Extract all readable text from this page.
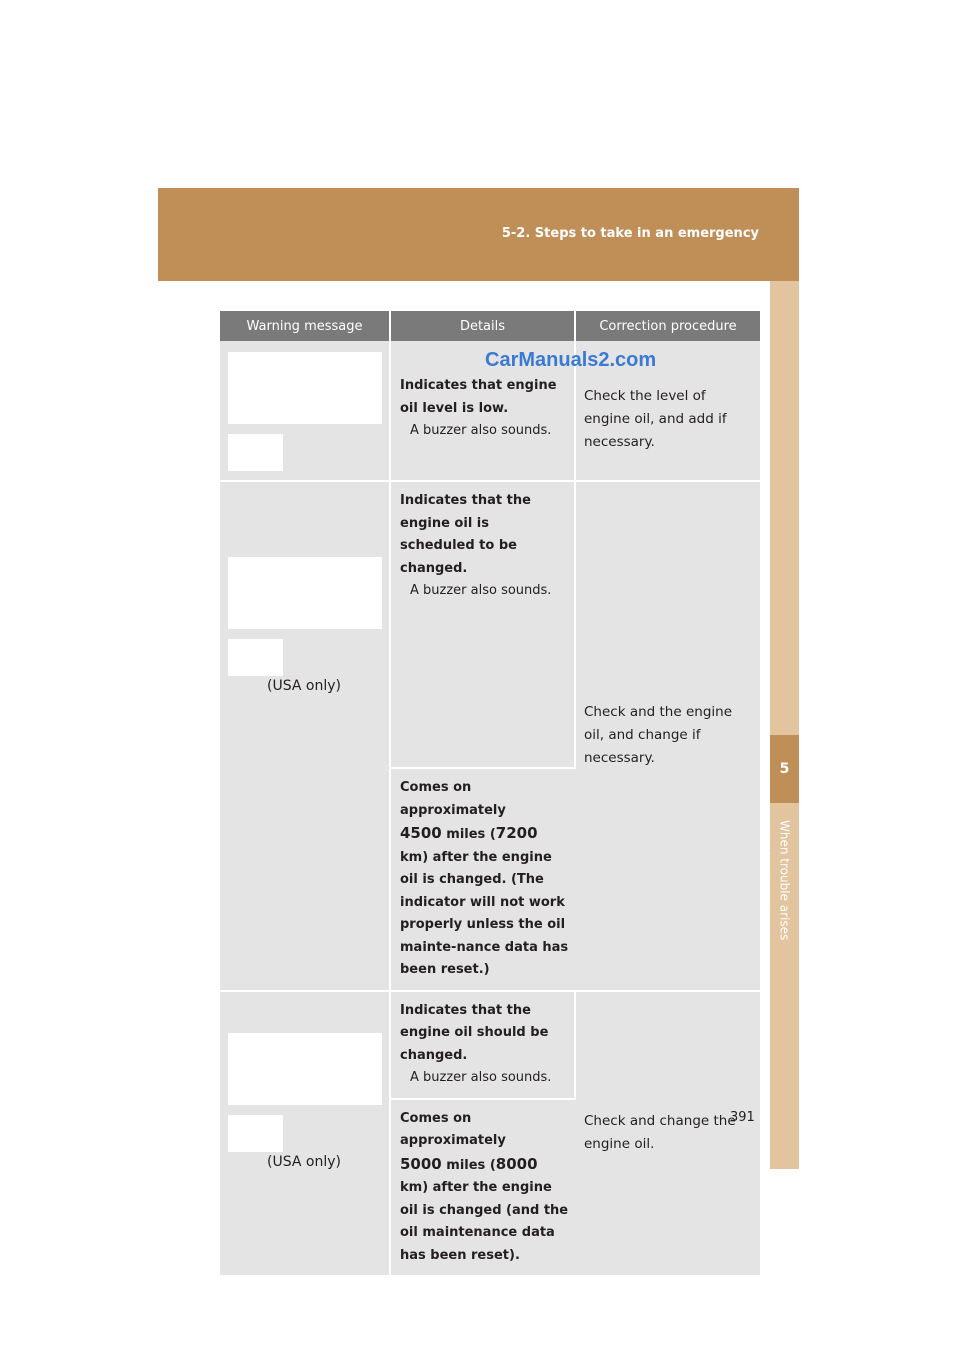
5-2. Steps to take in an emergency
5
When trouble arises
Warning message	Details	Correction procedure

	Indicates that engine oil level is low.
A buzzer also sounds.	Check the level of engine oil, and add if necessary.

(USA only)	Indicates that the engine oil is scheduled to be changed.
A buzzer also sounds.	Check and the engine oil, and change if necessary.

	Comes on approximately
4500 miles (7200 km) after the engine oil is changed. (The indicator will not work properly unless the oil mainte-nance data has been reset.)	

(USA only)	Indicates that the engine oil should be changed.
A buzzer also sounds.	Check and change the engine oil.

	Comes on approximately
5000 miles (8000 km) after the engine oil is changed (and the oil maintenance data has been reset).	
CarManuals2.com
391
